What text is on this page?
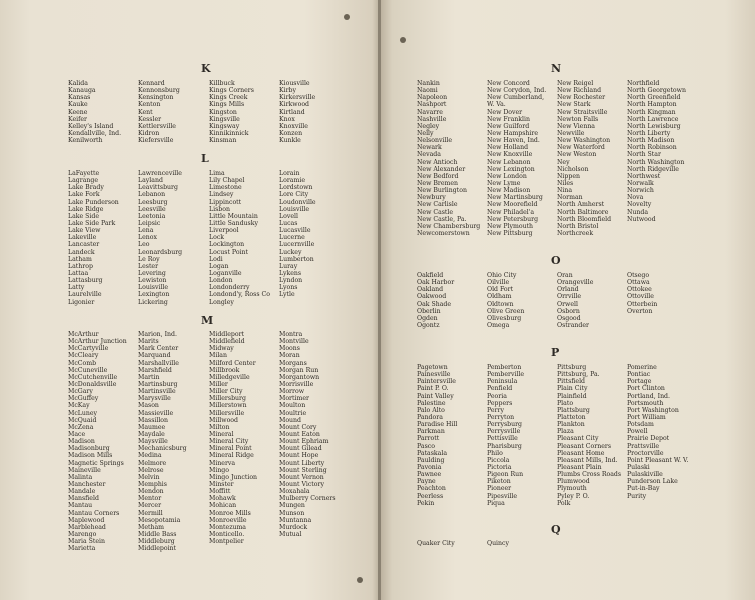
K
Kalida
Kanauga
Kansas
Kauke
Keene
Keifer
Kelley's Island
Kendallville, Ind.
Kenilworth
Kennard
Kennonsburg
Kensington
Kenton
Kent
Kessler
Kettlersville
Kidron
Kiefersville
Killbuck
Kings Corners
Kings Creek
Kings Mills
Kingston
Kingsville
Kingsway
Kinnikinnick
Kinsman
Kiousville
Kirby
Kirkersville
Kirkwood
Kirtland
Knox
Knoxville
Konzen
Kunkle
L
LaFayette
Lagrange
Lake Brady
Lake Fork
Lake Punderson
Lake Ridge
Lake Side
Lake Side Park
Lake View
Lakeville
Lancaster
Landeck
Latham
Lathrop
Lattaa
Lattasburg
Latty
Laurelville
Ligonier
Lawrenceville
Layland
Leavittsburg
Lebanon
Leesburg
Leesville
Leetonia
Leipsic
Lena
Lenox
Leo
Leonardsburg
Le Roy
Lester
Levering
Lewiston
Louisville
Lexington
Lickering
Lima
Lily Chapel
Limestone
Lindsey
Lippincott
Lisbon
Little Mountain
Little Sandusky
Liverpool
Lock
Lockington
Locust Point
Lodi
Logan
Loganville
London
Londonderry
Londond'y, Ross Co
Longley
Lorain
Loramie
Lordstown
Lore City
Loudonville
Louisville
Lovell
Lucas
Lucasville
Lucerne
Lucernville
Luckey
Lumberton
Luray
Lykens
Lyndon
Lyons
Lytle
M
McArthur
McArthur Junction
McCartyville
McCleary
McComb
McCuneville
McCutchenville
McDonaldsville
McGary
McGuffey
McKay
McLuney
McQuaid
McZena
Mace
Madison
Madisonburg
Madison Mills
Magnetic Springs
Maineville
Malinta
Manchester
Mandale
Mansfield
Mantau
Mantau Corners
Maplewood
Marblehead
Marengo
Maria Stein
Marietta
Marion, Ind.
Marits
Mark Center
Marquand
Marshallville
Marshfield
Martin
Martinsburg
Martinsville
Marysville
Mason
Massieville
Massillon
Maumee
Maydale
Maysville
Mechanicsburg
Medina
Melmore
Melrose
Melvin
Memphis
Mendon
Mentor
Mercer
Mermill
Mesopotamia
Metham
Middle Bass
Middleburg
Middlepoint
Middleport
Middlefield
Midway
Milan
Milford Center
Millbrook
Milledgeville
Miller
Miller City
Millersburg
Millerstown
Millersville
Millwood
Milton
Mineral
Mineral City
Mineral Point
Mineral Ridge
Minerva
Mingo
Mingo Junction
Minster
Moffitt
Mohawk
Mohican
Monroe Mills
Monroeville
Montezuma
Monticello.
Montpelier
Montra
Montville
Moons
Moran
Morgans
Morgan Run
Morgantown
Morrisville
Morrow
Mortimer
Moulton
Moultrie
Mound
Mount Cory
Mount Eaton
Mount Ephriam
Mount Gilead
Mount Hope
Mount Liberty
Mount Sterling
Mount Vernon
Mount Victory
Moxahala
Mulberry Corners
Mungen
Munson
Muntanna
Murdock
Mutual
N
Nankin
Naomi
Napoleon
Nashport
Navarre
Nashville
Negley
Nelly
Nelsonville
Newark
Nevada
New Antioch
New Alexander
New Bedford
New Bremen
New Burlington
Newbury
New Carlisle
New Castle
New Castle, Pa.
New Chambersburg
Newcomerstown
New Concord
New Corydon, Ind.
New Cumberland,
W. Va.
New Dover
New Franklin
New Guilford
New Hampshire
New Haven, Ind.
New Holland
New Knoxville
New Lebanon
New Lexington
New London
New Lyme
New Madison
New Martinsburg
New Moorefield
New Philadel'a
New Petersburg
New Plymouth
New Pittsburg
New Reigel
New Richland
New Rochester
New Stark
New Straitsville
Newton Falls
New Vienna
Newville
New Washington
New Waterford
New Weston
Ney
Nicholson
Nippen
Niles
Nina
Norman
North Amherst
North Baltimore
North Bloomfield
North Bristol
Northcreek
Northfield
North Georgetown
North Greenfield
North Hampton
North Kingman
North Lawrence
North Lewisburg
North Liberty
North Madison
North Robinson
North Star
North Washington
North Ridgeville
Northwest
Norwalk
Norwich
Nova
Novelty
Nunda
Nutwood
O
Oakfield
Oak Harbor
Oakland
Oakwood
Oak Shade
Oberlin
Ogden
Ogontz
Ohio City
Oilville
Old Fort
Oldham
Oldtown
Olive Green
Olivesburg
Omega
Oran
Orangeville
Orland
Orrville
Orwell
Osborn
Osgood
Ostrander
Otsego
Ottawa
Ottokee
Ottoville
Otterbein
Overton
P
Pagetown
Painesville
Paintersville
Paint P. O.
Paint Valley
Palestine
Palo Alto
Pandora
Paradise Hill
Parkman
Parrott
Pasco
Pataskala
Paulding
Pavonia
Pawnee
Payne
Peachton
Peerless
Pekin
Pemberton
Pemberville
Peninsula
Penfield
Peoria
Peppers
Perry
Perryton
Perrysburg
Perrysville
Pettisville
Pharisburg
Philo
Piccola
Pictoria
Pigeon Run
Piketon
Pioneer
Pipesville
Piqua
Pittsburg
Pittsburg, Pa.
Pittsfield
Plain City
Plainfield
Plato
Plattsburg
Platteton
Plankton
Plaza
Pleasant City
Pleasant Corners
Pleasant Home
Pleasant Mills, Ind.
Pleasant Plain
Plumbs Cross Roads
Plumwood
Plymouth
Pyley P. O.
Polk
Pomerine
Pontiac
Portage
Port Clinton
Portland, Ind.
Portsmouth
Port Washington
Port William
Potsdam
Powell
Prairie Depot
Prattsville
Proctorville
Point Pleasant W. V.
Pulaski
Pulaskiville
Punderson Lake
Put-in-Bay
Purity
Q
Quaker City	Quincy
